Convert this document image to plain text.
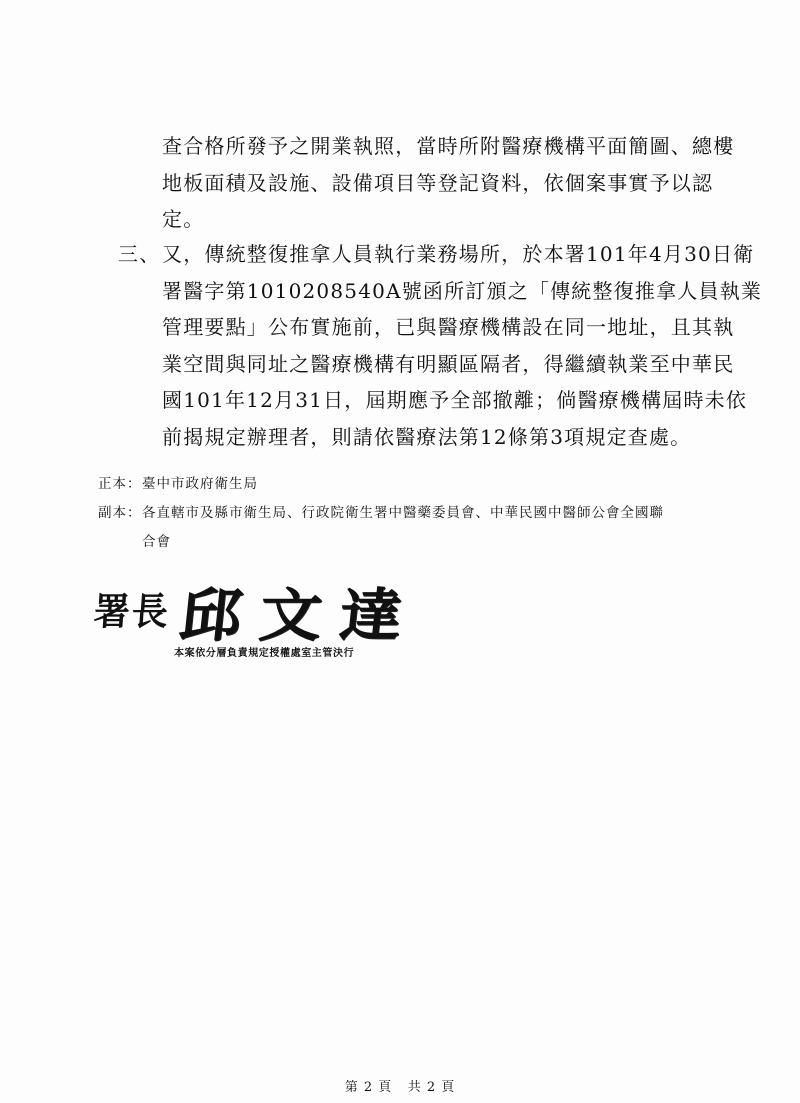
查合格所發予之開業執照，當時所附醫療機構平面簡圖、總樓
地板面積及設施、設備項目等登記資料，依個案事實予以認
定。
三、 又，傳統整復推拿人員執行業務場所，於本署101年4月30日衛
署醫字第1010208540A號函所訂頒之「傳統整復推拿人員執業
管理要點」公布實施前，已與醫療機構設在同一地址，且其執
業空間與同址之醫療機構有明顯區隔者，得繼續執業至中華民
國101年12月31日，屆期應予全部撤離；倘醫療機構屆時未依
前揭規定辦理者，則請依醫療法第12條第3項規定查處。
正本：臺中市政府衛生局
副本：各直轄市及縣市衛生局、行政院衛生署中醫藥委員會、中華民國中醫師公會全國聯
合會
署長 邱文達
本案依分層負責規定授權處室主管決行
第 2 頁 共 2 頁
